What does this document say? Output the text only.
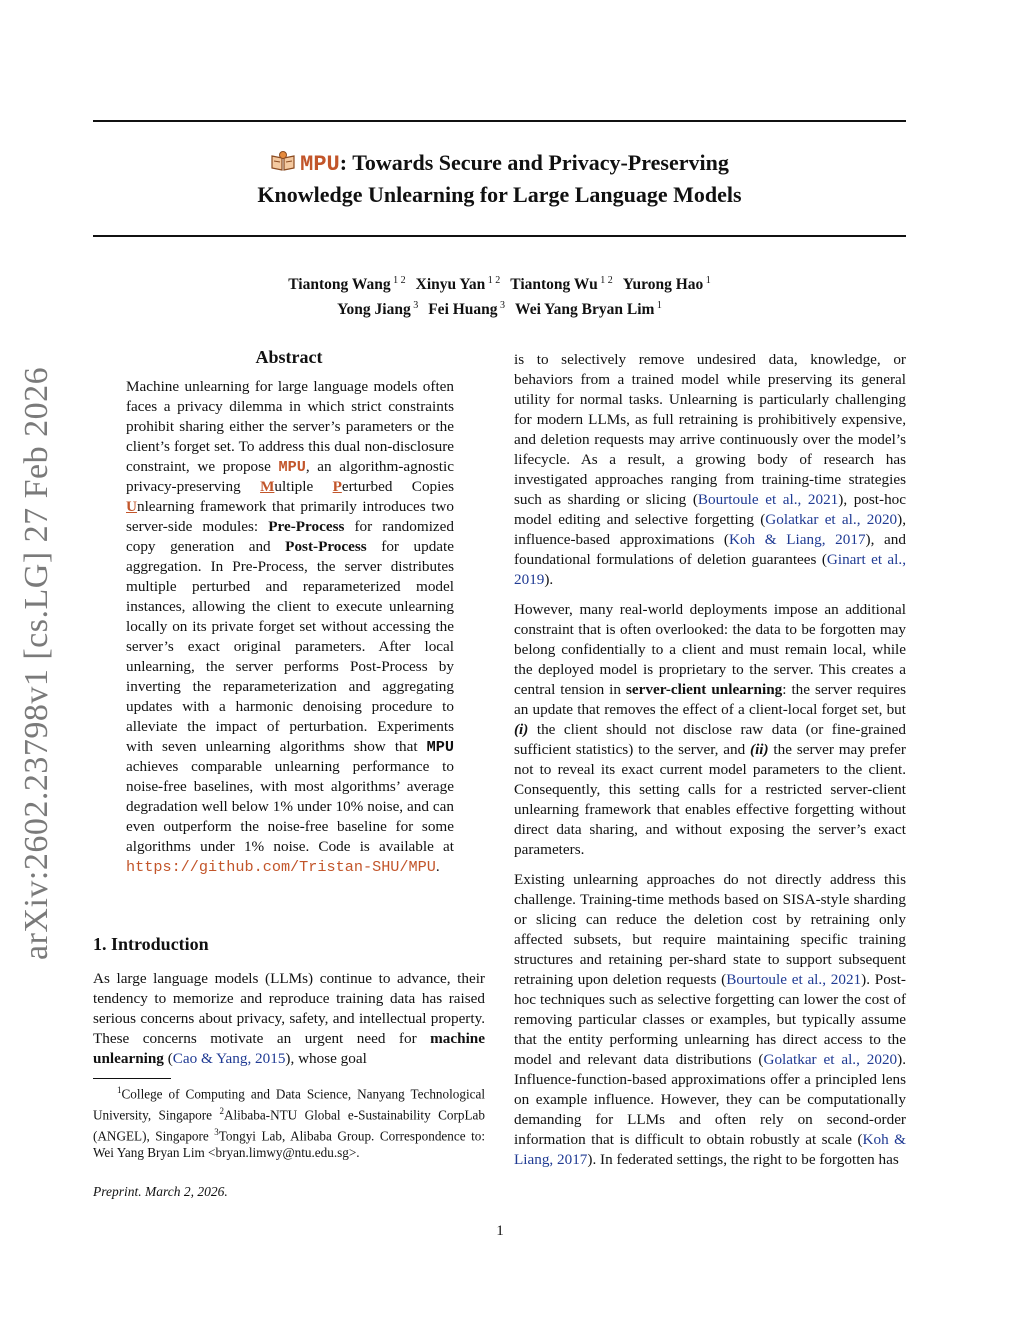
MPU: Towards Secure and Privacy-Preserving
Knowledge Unlearning for Large Language Models
Tiantong Wang $^{1 2}$ Xinyu Yan $^{1 2}$ Tiantong Wu $^{1 2}$ Yurong Hao $^1$
Yong Jiang $^3$ Fei Huang $^3$ Wei Yang Bryan Lim $^1$
arXiv:2602.23798v1 [cs.LG] 27 Feb 2026
Abstract
Machine unlearning for large language models often faces a privacy dilemma in which strict constraints prohibit sharing either the server’s parameters or the client’s forget set. To address this dual non-disclosure constraint, we propose MPU, an algorithm-agnostic privacy-preserving Multiple Perturbed Copies Unlearning framework that primarily introduces two server-side modules: Pre-Process for randomized copy generation and Post-Process for update aggregation. In Pre-Process, the server distributes multiple perturbed and reparameterized model instances, allowing the client to execute unlearning locally on its private forget set without accessing the server’s exact original parameters. After local unlearning, the server performs Post-Process by inverting the reparameterization and aggregating updates with a harmonic denoising procedure to alleviate the impact of perturbation. Experiments with seven unlearning algorithms show that MPU achieves comparable unlearning performance to noise-free baselines, with most algorithms’ average degradation well below 1% under 10% noise, and can even outperform the noise-free baseline for some algorithms under 1% noise. Code is available at https://github.com/Tristan-SHU/MPU.
1. Introduction
As large language models (LLMs) continue to advance, their tendency to memorize and reproduce training data has raised serious concerns about privacy, safety, and intellectual property. These concerns motivate an urgent need for machine unlearning (Cao & Yang, 2015), whose goal
$^1$College of Computing and Data Science, Nanyang Technological University, Singapore $^2$Alibaba-NTU Global e-Sustainability CorpLab (ANGEL), Singapore $^3$Tongyi Lab, Alibaba Group. Correspondence to: Wei Yang Bryan Lim <bryan.limwy@ntu.edu.sg>.
Preprint. March 2, 2026.

is to selectively remove undesired data, knowledge, or behaviors from a trained model while preserving its general utility for normal tasks. Unlearning is particularly challenging for modern LLMs, as full retraining is prohibitively expensive, and deletion requests may arrive continuously over the model’s lifecycle. As a result, a growing body of research has investigated approaches ranging from training-time strategies such as sharding or slicing (Bourtoule et al., 2021), post-hoc model editing and selective forgetting (Golatkar et al., 2020), influence-based approximations (Koh & Liang, 2017), and foundational formulations of deletion guarantees (Ginart et al., 2019).

However, many real-world deployments impose an additional constraint that is often overlooked: the data to be forgotten may belong confidentially to a client and must remain local, while the deployed model is proprietary to the server. This creates a central tension in server-client unlearning: the server requires an update that removes the effect of a client-local forget set, but (i) the client should not disclose raw data (or fine-grained sufficient statistics) to the server, and (ii) the server may prefer not to reveal its exact current model parameters to the client. Consequently, this setting calls for a restricted server-client unlearning framework that enables effective forgetting without direct data sharing, and without exposing the server’s exact parameters.

Existing unlearning approaches do not directly address this challenge. Training-time methods based on SISA-style sharding or slicing can reduce the deletion cost by retraining only affected subsets, but require maintaining specific training structures and retaining per-shard state to support subsequent retraining upon deletion requests (Bourtoule et al., 2021). Post-hoc techniques such as selective forgetting can lower the cost of removing particular classes or examples, but typically assume that the entity performing unlearning has direct access to the model and relevant data distributions (Golatkar et al., 2020). Influence-function-based approximations offer a principled lens on example influence. However, they can be computationally demanding for LLMs and often rely on second-order information that is difficult to obtain robustly at scale (Koh & Liang, 2017). In federated settings, the right to be forgotten has

1
